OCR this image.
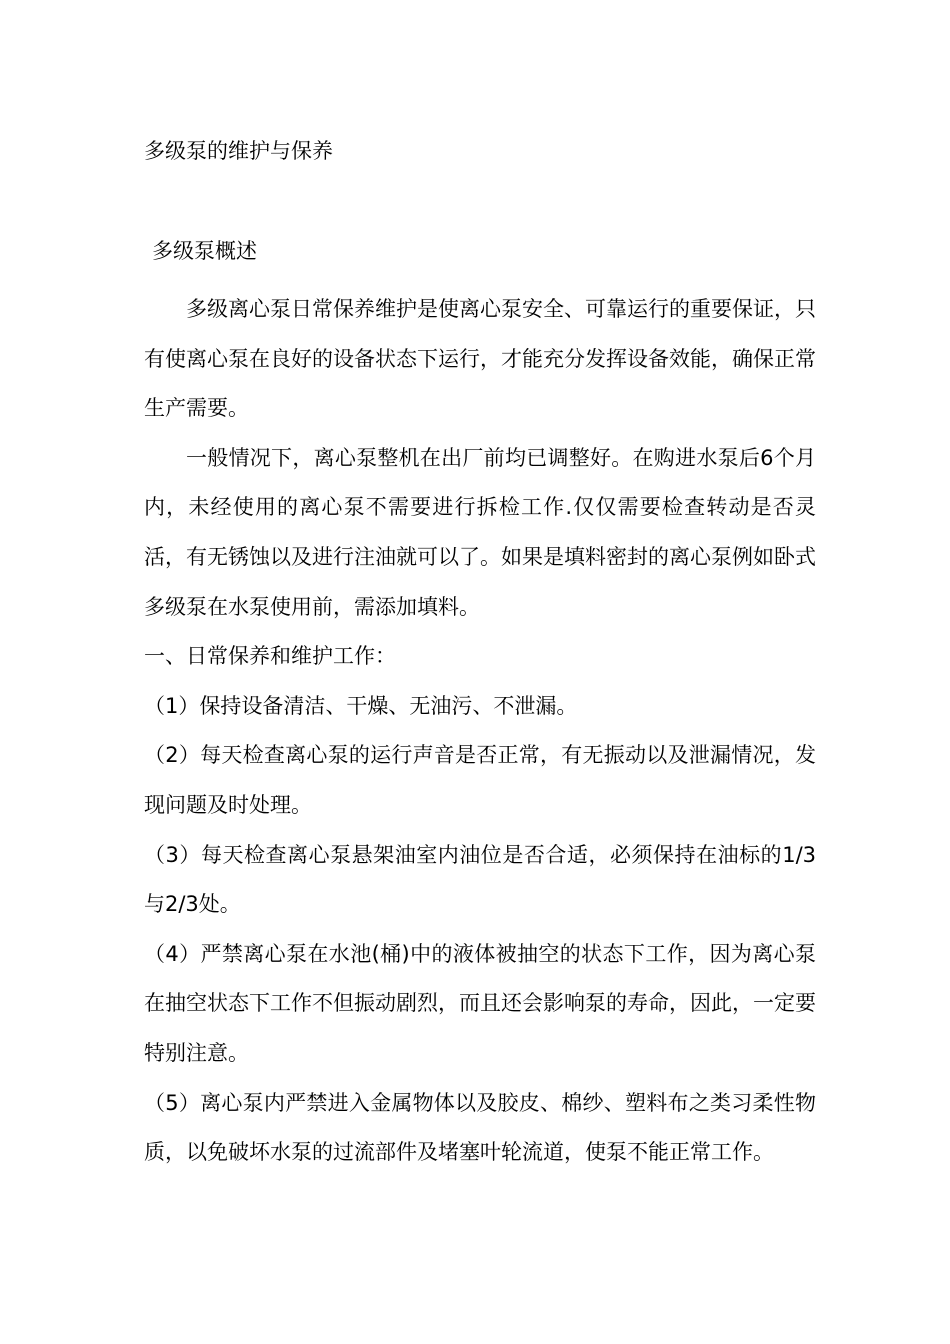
多级泵的维护与保养
多级泵概述

多级离心泵日常保养维护是使离心泵安全、可靠运行的重要保证，只有使离心泵在良好的设备状态下运行，才能充分发挥设备效能，确保正常生产需要。

一般情况下，离心泵整机在出厂前均已调整好。在购进水泵后6个月内，未经使用的离心泵不需要进行拆检工作.仅仅需要检查转动是否灵活，有无锈蚀以及进行注油就可以了。如果是填料密封的离心泵例如卧式多级泵在水泵使用前，需添加填料。

一、日常保养和维护工作：

（1）保持设备清洁、干燥、无油污、不泄漏。

（2）每天检查离心泵的运行声音是否正常，有无振动以及泄漏情况，发现问题及时处理。

（3）每天检查离心泵悬架油室内油位是否合适，必须保持在油标的1/3与2/3处。

（4）严禁离心泵在水池(桶)中的液体被抽空的状态下工作，因为离心泵在抽空状态下工作不但振动剧烈，而且还会影响泵的寿命，因此，一定要特别注意。

（5）离心泵内严禁进入金属物体以及胶皮、棉纱、塑料布之类习柔性物质，以免破坏水泵的过流部件及堵塞叶轮流道，使泵不能正常工作。
